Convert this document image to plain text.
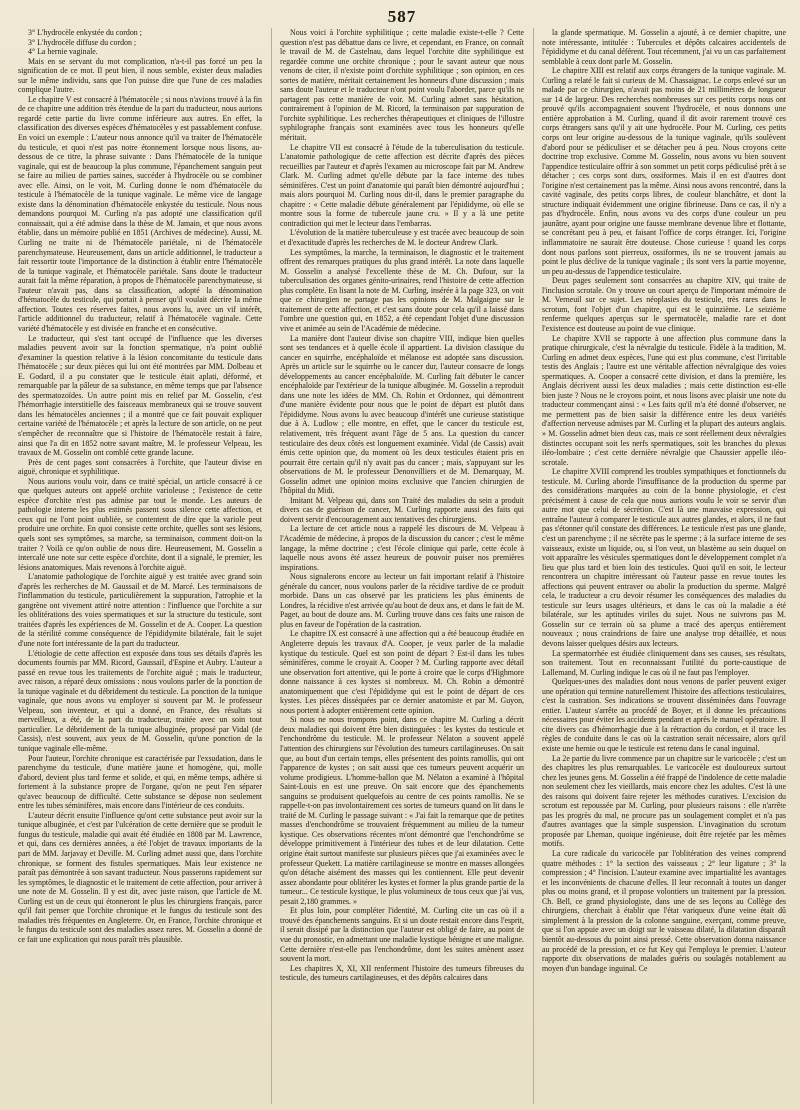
587

3° L'hydrocèle enkystée du cordon ;

3° L'hydrocèle diffuse du cordon ;

4° La hernie vaginale.

Mais en se servant du mot complication, n'a-t-il pas forcé un peu la signification de ce mot. Il peut bien, il nous semble, exister deux maladies sur le même individu, sans que l'on puisse dire que l'une de ces maladies complique l'autre.

Le chapitre V est consacré à l'hématocèle ; si nous n'avions trouvé à la fin de ce chapitre une addition très étendue de la part du traducteur, nous aurions regardé cette partie du livre comme inférieure aux autres. En effet, la classification des diverses espèces d'hématocèles y est passablement confuse. En voici un exemple : L'auteur nous annonce qu'il va traiter de l'hématocèle du testicule, et quoi n'est pas notre étonnement lorsque nous lisons, au-dessous de ce titre, la phrase suivante : Dans l'hématocèle de la tunique vaginale, qui est de beaucoup la plus commune, l'épanchement sanguin peut se faire au milieu de parties saines, succéder à l'hydrocèle ou se combiner avec elle. Ainsi, on le voit, M. Curling donne le nom d'hématocèle du testicule à l'hématocèle de la tunique vaginale. Le même vice de langage existe dans la dénomination d'hématocèle enkystée du testicule. Nous nous demandons pourquoi M. Curling n'a pas adopté une classification qu'il connaissait, qui a été admise dans la thèse de M. Jamain, et que nous avons établie, dans un mémoire publié en 1851 (Archives de médecine). Aussi, M. Curling ne traite ni de l'hématocèle pariétale, ni de l'hématocèle parenchymateuse. Heureusement, dans un article additionnel, le traducteur a fait ressortir toute l'importance de la distinction à établir entre l'hématocèle de la tunique vaginale, et l'hématocèle pariétale. Sans doute le traducteur aurait fait la même réparation, à propos de l'hématocèle parenchymateuse, si l'auteur n'avait pas, dans sa classification, adopté la dénomination d'hématocèle du testicule, qui portait à penser qu'il voulait décrire la même affection. Toutes ces réserves faites, nous avons lu, avec un vif intérêt, l'article additionnel du traducteur, relatif à l'hématocèle vaginale. Cette variété d'hématocèle y est divisée en franche et en consécutive.

Le traducteur, qui s'est tant occupé de l'influence que les diverses maladies peuvent avoir sur la fonction spermatique, n'a point oublié d'examiner la question relative à la lésion concomitante du testicule dans l'hématocèle ; sur deux pièces qui lui ont été montrées par MM. Dolbeau et E. Godard, il a pu constater que le testicule était aplati, déformé, et remarquable par la pâleur de sa substance, en même temps que par l'absence des spermatozoïdes. Un autre point mis en relief par M. Gosselin, c'est l'hémorrhagie interstitielle des faisceaux membraneux qui se trouve souvent dans les hématocèles anciennes ; il a montré que ce fait pouvait expliquer certaine variété de l'hématocèle ; et après la lecture de son article, on ne peut s'empêcher de reconnaître que si l'histoire de l'hématocèle restait à faire, ainsi que l'a dit en 1852 notre savant maître, M. le professeur Velpeau, les travaux de M. Gosselin ont comblé cette grande lacune.

Près de cent pages sont consacrées à l'orchite, que l'auteur divise en aiguë, chronique et syphilitique.

Nous aurions voulu voir, dans ce traité spécial, un article consacré à ce que quelques auteurs ont appelé orchite varioleuse ; l'existence de cette espèce d'orchite n'est pas admise par tout le monde. Les auteurs de pathologie interne les plus estimés passent sous silence cette affection, et ceux qui ne l'ont point oubliée, se contentent de dire que la variole peut produire une orchite. En quoi consiste cette orchite, quelles sont ses lésions, quels sont ses symptômes, sa marche, sa terminaison, comment doit-on la traiter ? Voilà ce qu'on oublie de nous dire. Heureusement, M. Gosselin a intercalé une note sur cette espèce d'orchite, dont il a signalé, le premier, les lésions anatomiques. Mais revenons à l'orchite aiguë.

L'anatomie pathologique de l'orchite aiguë y est traitée avec grand soin d'après les recherches de M. Gaussail et de M. Marcé. Les terminaisons de l'inflammation du testicule, particulièrement la suppuration, l'atrophie et la gangrène ont vivement attiré notre attention : l'influence que l'orchite a sur les oblitérations des voies spermatiques et sur la structure du testicule, sont traitées d'après les expériences de M. Gosselin et de A. Cooper. La question de la stérilité comme conséquence de l'épididymite bilatérale, fait le sujet d'une note fort intéressante de la part du traducteur.

L'étiologie de cette affection est exposée dans tous ses détails d'après les documents fournis par MM. Ricord, Gaussail, d'Espine et Aubry. L'auteur a passé en revue tous les traitements de l'orchite aiguë ; mais le traducteur, avec raison, a réparé deux omissions : nous voulons parler de la ponction de la tunique vaginale et du débridement du testicule. La ponction de la tunique vaginale, que nous avons vu employer si souvent par M. le professeur Velpeau, son inventeur, et qui a donné, en France, des résultats si merveilleux, a été, de la part du traducteur, traitée avec un soin tout particulier. Le débridement de la tunique albuginée, proposé par Vidal (de Cassis), n'est souvent, aux yeux de M. Gosselin, qu'une ponction de la tunique vaginale elle-même.

Pour l'auteur, l'orchite chronique est caractérisée par l'exsudation, dans le parenchyme du testicule, d'une matière jaune et homogène, qui, molle d'abord, devient plus tard ferme et solide, et qui, en même temps, adhère si fortement à la substance propre de l'organe, qu'on ne peut l'en séparer qu'avec beaucoup de difficulté. Cette substance se dépose non seulement entre les tubes séminifères, mais encore dans l'intérieur de ces conduits.

L'auteur décrit ensuite l'influence qu'ont cette substance peut avoir sur la tunique albuginée, et c'est par l'ulcération de cette dernière que se produit le fungus du testicule, maladie qui avait été étudiée en 1808 par M. Lawrence, et qui, dans ces dernières années, a été l'objet de travaux importants de la part de MM. Jarjavay et Deville. M. Curling admet aussi que, dans l'orchite chronique, se forment des fistules spermatiques. Mais leur existence ne paraît pas démontrée à son savant traducteur. Nous passerons rapidement sur les symptômes, le diagnostic et le traitement de cette affection, pour arriver à une note de M. Gosselin. Il y est dit, avec juste raison, que l'article de M. Curling est un de ceux qui étonneront le plus les chirurgiens français, parce qu'il fait penser que l'orchite chronique et le fungus du testicule sont des maladies très fréquentes en Angleterre. Or, en France, l'orchite chronique et le fungus du testicule sont des maladies assez rares. M. Gosselin a donné de ce fait une explication qui nous paraît très plausible.

Nous voici à l'orchite syphilitique ; cette maladie existe-t-elle ? Cette question n'est pas débattue dans ce livre, et cependant, en France, on connaît le travail de M. de Castelnau, dans lequel l'orchite dite syphilitique est regardée comme une orchite chronique ; pour le savant auteur que nous venons de citer, il n'existe point d'orchite syphilitique ; son opinion, en ces sortes de matière, méritait certainement les honneurs d'une discussion ; mais sans doute l'auteur et le traducteur n'ont point voulu l'aborder, parce qu'ils ne partagent pas cette manière de voir. M. Curling admet sans hésitation, contrairement à l'opinion de M. Ricord, la terminaison par suppuration de l'orchite syphilitique. Les recherches thérapeutiques et cliniques de l'illustre syphilographe français sont examinées avec tous les honneurs qu'elle méritait.

Le chapitre VII est consacré à l'étude de la tuberculisation du testicule. L'anatomie pathologique de cette affection est décrite d'après des pièces recueillies par l'auteur et d'après l'examen au microscope fait par M. Andrew Clark. M. Curling admet qu'elle débute par la face interne des tubes séminifères. C'est un point d'anatomie qui paraît bien démontré aujourd'hui ; mais alors pourquoi M. Curling nous dit-il, dans le premier paragraphe du chapitre : « Cette maladie débute généralement par l'épididyme, où elle se montre sous la forme de tubercule jaune cru. » Il y a là une petite contradiction qui met le lecteur dans l'embarras.

L'évolution de la matière tuberculeuse y est tracée avec beaucoup de soin et d'exactitude d'après les recherches de M. le docteur Andrew Clark.

Les symptômes, la marche, la terminaison, le diagnostic et le traitement offrent des remarques pratiques du plus grand intérêt. La note dans laquelle M. Gosselin a analysé l'excellente thèse de M. Ch. Dufour, sur la tuberculisation des organes génito-urinaires, rend l'histoire de cette affection plus complète. En lisant la note de M. Curling, insérée à la page 323, on voit que ce chirurgien ne partage pas les opinions de M. Malgaigne sur le traitement de cette affection, et c'est sans doute pour cela qu'il a laissé dans l'ombre une question qui, en 1852, a été cependant l'objet d'une discussion vive et animée au sein de l'Académie de médecine.

La manière dont l'auteur divise son chapitre VIII, indique bien quelles sont ses tendances et à quelle école il appartient. La division classique du cancer en squirrhe, encéphaloïde et mélanose est adoptée sans discussion. Après un article sur le squirrhe ou le cancer dur, l'auteur consacre de longs développements au cancer encéphaloïde. M. Curling fait débuter le cancer encéphaloïde par l'extérieur de la tunique albuginée. M. Gosselin a reproduit dans une note les idées de MM. Ch. Robin et Ordonnez, qui démontrent d'une manière évidente pour nous que le point de départ est plutôt dans l'épididyme. Nous avons lu avec beaucoup d'intérêt une curieuse statistique due à A. Ludlow ; elle montre, en effet, que le cancer du testicule est, relativement, très fréquent avant l'âge de 5 ans. La question du cancer testiculaire des deux côtés est longuement examinée. Vidal (de Cassis) avait émis cette opinion que, du moment où les deux testicules étaient pris en pourrait être certain qu'il n'y avait pas du cancer ; mais, s'appuyant sur les observations de M. le professeur Denonvilliers et de M. Demarquay, M. Gosselin admet une opinion moins exclusive que l'ancien chirurgien de l'hôpital du Midi.

Imitant M. Velpeau qui, dans son Traité des maladies du sein a produit divers cas de guérison de cancer, M. Curling rapporte aussi des faits qui doivent servir d'encouragement aux tentatives des chirurgiens.

La lecture de cet article nous a rappelé les discours de M. Velpeau à l'Académie de médecine, à propos de la discussion du cancer ; c'est le même langage, la même doctrine ; c'est l'école clinique qui parle, cette école à laquelle nous avons été assez heureux de pouvoir puiser nos premières inspirations.

Nous signalerons encore au lecteur un fait important relatif à l'histoire générale du cancer, nous voulons parler de la récidive tardive de ce produit morbide. Dans un cas observé par les praticiens les plus éminents de Londres, la récidive n'est arrivée qu'au bout de deux ans, et dans le fait de M. Paget, au bout de douze ans. M. Curling trouve dans ces faits une raison de plus en faveur de l'opération de la castration.

Le chapitre IX est consacré à une affection qui a été beaucoup étudiée en Angleterre depuis les travaux d'A. Cooper, je veux parler de la maladie kystique du testicule. Quel est son point de départ ? Est-il dans les tubes séminifères, comme le croyait A. Cooper ? M. Curling rapporte avec détail une observation fort attentive, qui le porte à croire que le corps d'Highmore donne naissance à ces kystes si nombreux. M. Ch. Robin a démontré anatomiquement que c'est l'épididyme qui est le point de départ de ces kystes. Les pièces disséquées par ce dernier anatomiste et par M. Guyon, nous portent à adopter entièrement cette opinion.

Si nous ne nous trompons point, dans ce chapitre M. Curling a décrit deux maladies qui doivent être bien distinguées : les kystes du testicule et l'enchondrôme du testicule. M. le professeur Nélaton a souvent appelé l'attention des chirurgiens sur l'évolution des tumeurs cartilagineuses. On sait que, au bout d'un certain temps, elles présentent des points ramollis, qui ont l'apparence de kystes ; on sait aussi que ces tumeurs peuvent acquérir un volume prodigieux. L'homme-ballon que M. Nélaton a examiné à l'hôpital Saint-Louis en est une preuve. On sait encore que des épanchements sanguins se produisent quelquefois au centre de ces points ramollis. Ne se rappelle-t-on pas involontairement ces sortes de tumeurs quand on lit dans le traité de M. Curling le passage suivant : « J'ai fait la remarque que de petites masses d'enchondrôme se trouvaient fréquemment au milieu de la tumeur kystique. Ces observations récentes m'ont démontré que l'enchondrôme se développe primitivement à l'intérieur des tubes et de leur dilatation. Cette origine était surtout manifeste sur plusieurs pièces que j'ai examinées avec le professeur Quekett. La matière cartilagineuse se montre en masses allongées qu'on détache aisément des masses qui les contiennent. Elle peut devenir assez abondante pour oblitérer les kystes et former la plus grande partie de la tumeur... Ce testicule kystique, le plus volumineux de tous ceux que j'ai vus, pesait 2,180 grammes. »

Et plus loin, pour compléter l'identité, M. Curling cite un cas où il a trouvé des épanchements sanguins. Et si un doute restait encore dans l'esprit, il serait dissipé par la distinction que l'auteur est obligé de faire, au point de vue du pronostic, en admettant une maladie kystique bénigne et une maligne. Cette dernière n'est-elle pas l'enchondrôme, dont les suites amènent assez souvent la mort.

Les chapitres X, XI, XII renferment l'histoire des tumeurs fibreuses du testicule, des tumeurs cartilagineuses, et des dépôts calcaires dans

la glande spermatique. M. Gosselin a ajouté, à ce dernier chapitre, une note intéressante, intitulée : Tubercules et dépôts calcaires accidentels de l'épididyme et du canal déférent. Tout récemment, j'ai vu un cas parfaitement semblable à ceux dont parle M. Gosselin.

Le chapitre XIII est relatif aux corps étrangers de la tunique vaginale. M. Curling a relaté le fait si curieux de M. Chassaignac. Le corps enlevé sur un malade par ce chirurgien, n'avait pas moins de 21 millimètres de longueur sur 14 de largeur. Des recherches nombreuses sur ces petits corps nous ont prouvé qu'ils accompagnaient souvent l'hydrocèle, et nous donnons une entière approbation à M. Curling, quand il dit avoir rarement trouvé ces corps étrangers sans qu'il y ait une hydrocèle. Pour M. Curling, ces petits corps ont leur origine au-dessous de la tunique vaginale, qu'ils soulèvent d'abord pour se pédiculiser et se détacher peu à peu. Nous croyons cette doctrine trop exclusive. Comme M. Gosselin, nous avons vu bien souvent l'appendice testiculaire offrir à son sommet un petit corps pédiculisé prêt à se détacher ; ces corps sont durs, ossiformes. Mais il en est d'autres dont l'origine n'est certainement pas la même. Ainsi nous avons rencontré, dans la cavité vaginale, des petits corps libres, de couleur blanchâtre, et dont la structure indiquait évidemment une origine fibrineuse. Dans ce cas, il n'y a pas d'hydrocèle. Enfin, nous avons vu des corps d'une couleur un peu jaunâtre, ayant pour origine une fausse membrane devenue libre et flottante, se concrétant peu à peu, et faisant l'office de corps étranger. Ici, l'origine inflammatoire ne saurait être douteuse. Chose curieuse ! quand les corps dont nous parlons sont pierreux, ossiformes, ils ne se trouvent jamais au point le plus déclive de la tunique vaginale ; ils sont vers la partie moyenne, un peu au-dessus de l'appendice testiculaire.

Deux pages seulement sont consacrées au chapitre XIV, qui traite de l'inclusion scrotale. On y trouve un court aperçu de l'important mémoire de M. Verneuil sur ce sujet. Les néoplasies du testicule, très rares dans le scrotum, font l'objet d'un chapitre, qui est le quinzième. Le seizième renferme quelques aperçus sur le spermatocèle, maladie rare et dont l'existence est douteuse au point de vue clinique.

Le chapitre XVII se rapporte à une affection plus commune dans la pratique chirurgicale, c'est la névralgie du testicule. Fidèle à la tradition, M. Curling en admet deux espèces, l'une qui est plus commune, c'est l'irritable testis des Anglais ; l'autre est une véritable affection névralgique des voies spermatiques. A. Cooper a consacré cette division, et dans la première, les Anglais décrivent aussi les deux maladies ; mais cette distinction est-elle bien juste ? Nous ne le croyons point, et nous lisons avec plaisir une note du traducteur commençant ainsi : « Les faits qu'il m'a été donné d'observer, ne me permettent pas de bien saisir la différence entre les deux variétés d'affection nerveuse admises par M. Curling et la plupart des auteurs anglais. » M. Gosselin admet bien deux cas, mais ce sont réellement deux névralgies distinctes occupant soit les nerfs spermatiques, soit les branches du plexus iléo-lombaire ; c'est cette dernière névralgie que Chaussier appelle iléo-scrotale.

Le chapitre XVIII comprend les troubles sympathiques et fonctionnels du testicule. M. Curling aborde l'insuffisance de la production du sperme par des considérations marquées au coin de la bonne physiologie, et c'est précisément à cause de cela que nous aurions voulu le voir se servir d'un autre mot que celui de sécrétion. C'est là une mauvaise expression, qui entraîne l'auteur à comparer le testicule aux autres glandes, et alors, il ne faut pas s'étonner qu'il constate des différences. Le testicule n'est pas une glande, c'est un parenchyme ; il ne sécrète pas le sperme ; à la surface interne de ses vaisseaux, existe un liquide, ou, si l'on veut, un blastème au sein duquel on voit apparaître les vésicules spermatiques dont le développement complet n'a lieu que plus tard et bien loin des testicules. Quoi qu'il en soit, le lecteur rencontrera un chapitre intéressant où l'auteur passe en revue toutes les affections qui peuvent entraver ou abolir la production du sperme. Malgré cela, le traducteur a cru devoir résumer les conséquences des maladies du testicule sur leurs usages ultérieurs, et dans le cas où la maladie a été bilatérale, sur les aptitudes viriles du sujet. Nous ne suivrons pas M. Gosselin sur ce terrain où sa plume a tracé des aperçus entièrement nouveaux ; nous craindrions de faire une analyse trop détaillée, et nous devons laisser quelques désirs aux lecteurs.

La spermatorrhée est étudiée cliniquement dans ses causes, ses résultats, son traitement. Tout en reconnaissant l'utilité du porte-caustique de Lallemand, M. Curling indique le cas où il ne faut pas l'employer.

Quelques-unes des maladies dont nous venons de parler peuvent exiger une opération qui termine naturellement l'histoire des affections testiculaires, c'est la castration. Ses indications se trouvent disséminées dans l'ouvrage entier. L'auteur s'arrête au procédé de Boyer, et il donne les précautions nécessaires pour éviter les accidents pendant et après le manuel opératoire. Il cite divers cas d'hémorrhagie due à la rétraction du cordon, et il trace les règles de conduite dans le cas où la castration serait nécessaire, alors qu'il existe une hernie ou que le testicule est retenu dans le canal inguinal.

La 2e partie du livre commence par un chapitre sur le varicocèle ; c'est un des chapitres les plus remarquables. Le varicocèle est douloureux surtout chez les jeunes gens. M. Gosselin a été frappé de l'indolence de cette maladie non seulement chez les vieillards, mais encore chez les adultes. C'est là une des raisons qui doivent faire rejeter les méthodes curatives. L'excision du scrotum est repoussée par M. Curling, pour plusieurs raisons : elle n'arrête pas les progrès du mal, ne procure pas un soulagement complet et n'a pas d'autres avantages que la simple suspension. L'invagination du scrotum proposée par Lheman, quoique ingénieuse, doit être rejetée par les mêmes motifs.

La cure radicale du varicocèle par l'oblitération des veines comprend quatre méthodes : 1° la section des vaisseaux ; 2° leur ligature ; 3° la compression ; 4° l'incision. L'auteur examine avec impartialité les avantages et les inconvénients de chacune d'elles. Il leur reconnaît à toutes un danger plus ou moins grand, et il propose volontiers un traitement par la pression. Ch. Bell, ce grand physiologiste, dans une de ses leçons au Collège des chirurgiens, cherchait à établir que l'état variqueux d'une veine était dû simplement à la pression de la colonne sanguine, exerçant, comme preuve, que si l'on appuie avec un doigt sur le vaisseau dilaté, la dilatation disparaît bientôt au-dessous du point ainsi pressé. Cette observation donna naissance au procédé de la pression, et ce fut Key qui l'employa le premier. L'auteur rapporte dix observations de malades guéris ou soulagés notablement au moyen d'un bandage inguinal. Ce
